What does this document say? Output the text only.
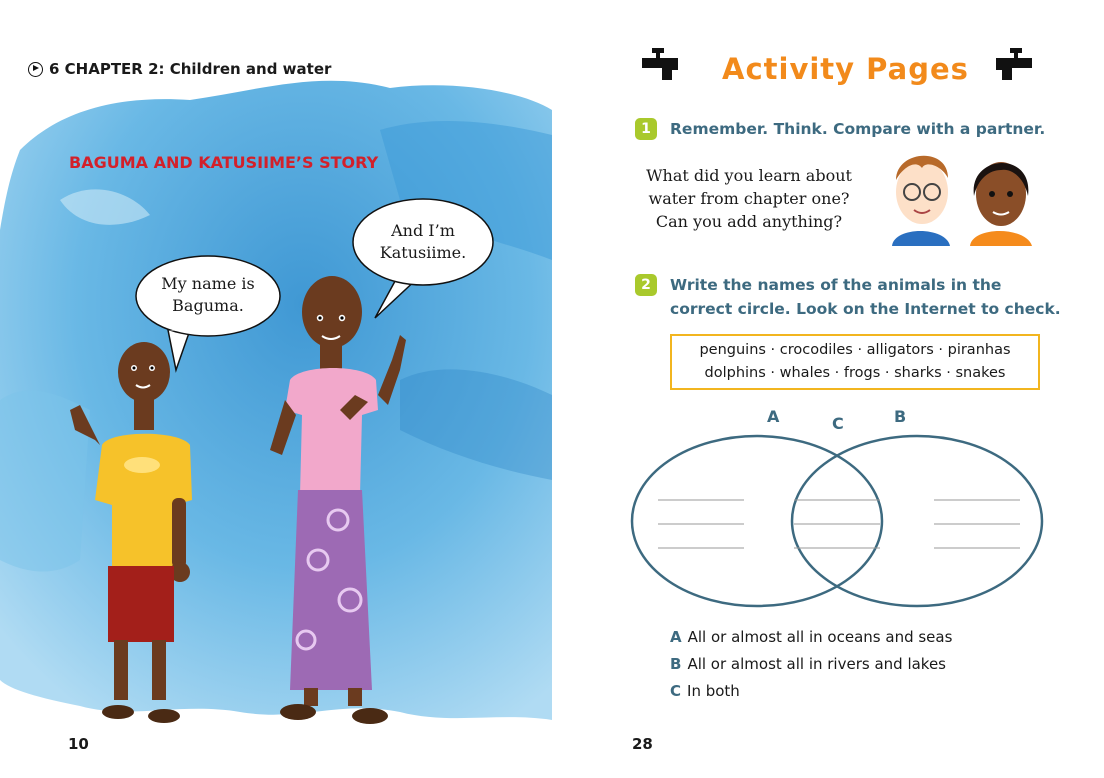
6 CHAPTER 2: Children and water
BAGUMA AND KATUSIIME’S STORY
My name is
Baguma.
And I’m
Katusiime.
10
Activity Pages
1	Remember. Think. Compare with a partner.
What did you learn about
water from chapter one?
Can you add anything?
2	Write the names of the animals in the
correct circle. Look on the Internet to check.
penguins · crocodiles · alligators · piranhas
dolphins · whales · frogs · sharks · snakes
A	C	B
A All or almost all in oceans and seas
B All or almost all in rivers and lakes
C In both
28
